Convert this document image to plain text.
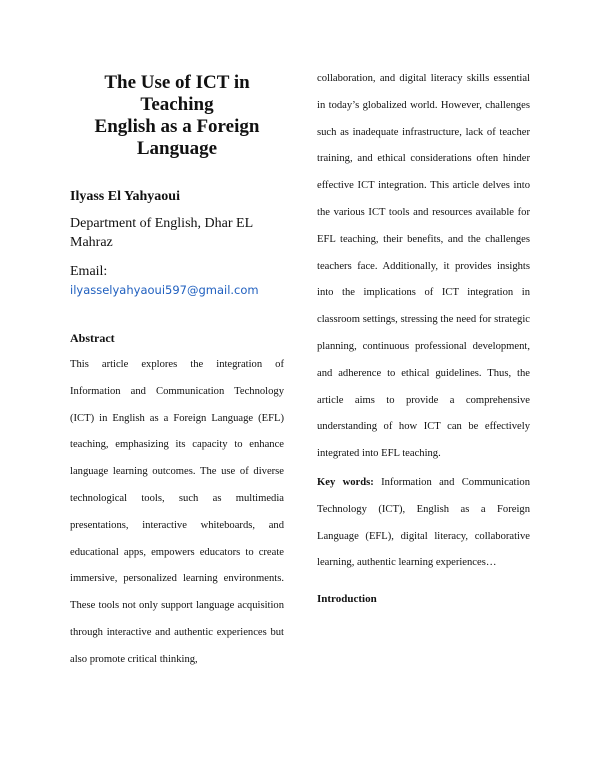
The Use of ICT in
Teaching
English as a Foreign
Language
Ilyass El Yahyaoui
Department of English, Dhar EL Mahraz
Email:
ilyasselyahyaoui597@gmail.com
Abstract

This article explores the integration of Information and Communication Technology (ICT) in English as a Foreign Language (EFL) teaching, emphasizing its capacity to enhance language learning outcomes. The use of diverse technological tools, such as multimedia presentations, interactive whiteboards, and educational apps, empowers educators to create immersive, personalized learning environments. These tools not only support language acquisition through interactive and authentic experiences but also promote critical thinking,

collaboration, and digital literacy skills essential in today’s globalized world. However, challenges such as inadequate infrastructure, lack of teacher training, and ethical considerations often hinder effective ICT integration. This article delves into the various ICT tools and resources available for EFL teaching, their benefits, and the challenges teachers face. Additionally, it provides insights into the implications of ICT integration in classroom settings, stressing the need for strategic planning, continuous professional development, and adherence to ethical guidelines. Thus, the article aims to provide a comprehensive understanding of how ICT can be effectively integrated into EFL teaching.

Key words: Information and Communication Technology (ICT), English as a Foreign Language (EFL), digital literacy, collaborative learning, authentic learning experiences…

Introduction
